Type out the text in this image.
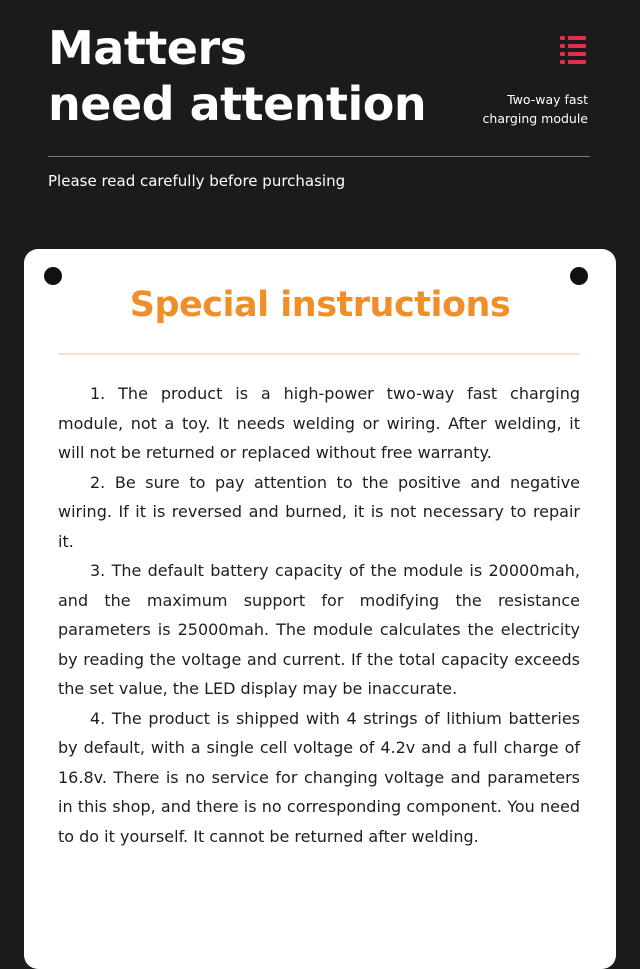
Matters
need attention	Two-way fast
charging module
Please read carefully before purchasing
Special instructions

1. The product is a high-power two-way fast charging module, not a toy. It needs welding or wiring. After welding, it will not be returned or replaced without free warranty.

2. Be sure to pay attention to the positive and negative wiring. If it is reversed and burned, it is not necessary to repair it.

3. The default battery capacity of the module is 20000mah, and the maximum support for modifying the resistance parameters is 25000mah. The module calculates the electricity by reading the voltage and current. If the total capacity exceeds the set value, the LED display may be inaccurate.

4. The product is shipped with 4 strings of lithium batteries by default, with a single cell voltage of 4.2v and a full charge of 16.8v. There is no service for changing voltage and parameters in this shop, and there is no corresponding component. You need to do it yourself. It cannot be returned after welding.
